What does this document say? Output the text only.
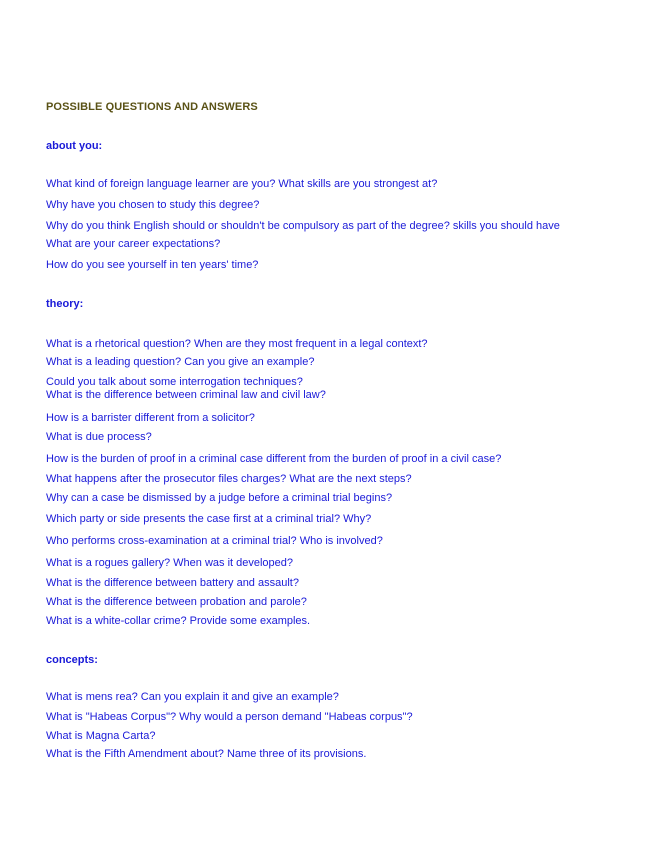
POSSIBLE QUESTIONS AND ANSWERS
about you:
What kind of foreign language learner are you? What skills are you strongest at?
Why have you chosen to study this degree?
Why do you think English should or shouldn't be compulsory as part of the degree? skills you should have
What are your career expectations?
How do you see yourself in ten years' time?
theory:
What is a rhetorical question? When are they most frequent in a legal context?
What is a leading question? Can you give an example?
Could you talk about some interrogation techniques?
What is the difference between criminal law and civil law?
How is a barrister different from a solicitor?
What is due process?
How is the burden of proof in a criminal case different from the burden of proof in a civil case?
What happens after the prosecutor files charges? What are the next steps?
Why can a case be dismissed by a judge before a criminal trial begins?
Which party or side presents the case first at a criminal trial? Why?
Who performs cross-examination at a criminal trial? Who is involved?
What is a rogues gallery? When was it developed?
What is the difference between battery and assault?
What is the difference between probation and parole?
What is a white-collar crime? Provide some examples.
concepts:
What is mens rea? Can you explain it and give an example?
What is "Habeas Corpus"? Why would a person demand "Habeas corpus"?
What is Magna Carta?
What is the Fifth Amendment about? Name three of its provisions.
